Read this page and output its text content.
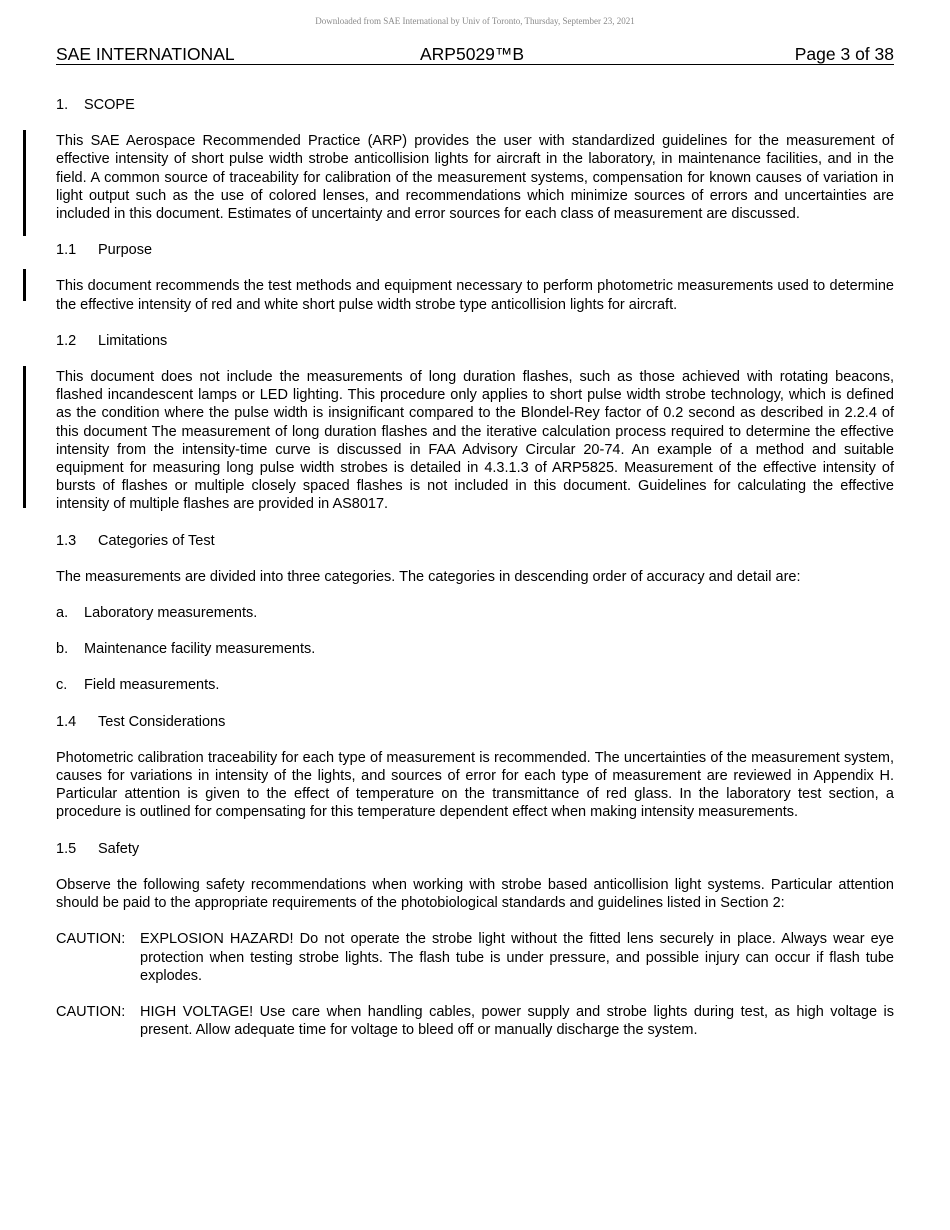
Downloaded from SAE International by Univ of Toronto, Thursday, September 23, 2021
SAE INTERNATIONAL	ARP5029™B	Page 3 of 38
1. SCOPE

This SAE Aerospace Recommended Practice (ARP) provides the user with standardized guidelines for the measurement of effective intensity of short pulse width strobe anticollision lights for aircraft in the laboratory, in maintenance facilities, and in the field. A common source of traceability for calibration of the measurement systems, compensation for known causes of variation in light output such as the use of colored lenses, and recommendations which minimize sources of errors and uncertainties are included in this document. Estimates of uncertainty and error sources for each class of measurement are discussed.

1.1 Purpose

This document recommends the test methods and equipment necessary to perform photometric measurements used to determine the effective intensity of red and white short pulse width strobe type anticollision lights for aircraft.

1.2 Limitations

This document does not include the measurements of long duration flashes, such as those achieved with rotating beacons, flashed incandescent lamps or LED lighting. This procedure only applies to short pulse width strobe technology, which is defined as the condition where the pulse width is insignificant compared to the Blondel-Rey factor of 0.2 second as described in 2.2.4 of this document The measurement of long duration flashes and the iterative calculation process required to determine the effective intensity from the intensity-time curve is discussed in FAA Advisory Circular 20-74. An example of a method and suitable equipment for measuring long pulse width strobes is detailed in 4.3.1.3 of ARP5825. Measurement of the effective intensity of bursts of flashes or multiple closely spaced flashes is not included in this document. Guidelines for calculating the effective intensity of multiple flashes are provided in AS8017.

1.3 Categories of Test

The measurements are divided into three categories. The categories in descending order of accuracy and detail are:

a. Laboratory measurements.
b. Maintenance facility measurements.
c. Field measurements.
1.4 Test Considerations

Photometric calibration traceability for each type of measurement is recommended. The uncertainties of the measurement system, causes for variations in intensity of the lights, and sources of error for each type of measurement are reviewed in Appendix H. Particular attention is given to the effect of temperature on the transmittance of red glass. In the laboratory test section, a procedure is outlined for compensating for this temperature dependent effect when making intensity measurements.

1.5 Safety

Observe the following safety recommendations when working with strobe based anticollision light systems. Particular attention should be paid to the appropriate requirements of the photobiological standards and guidelines listed in Section 2:

CAUTION:	EXPLOSION HAZARD! Do not operate the strobe light without the fitted lens securely in place. Always wear eye protection when testing strobe lights. The flash tube is under pressure, and possible injury can occur if flash tube explodes.
CAUTION:	HIGH VOLTAGE! Use care when handling cables, power supply and strobe lights during test, as high voltage is present. Allow adequate time for voltage to bleed off or manually discharge the system.
